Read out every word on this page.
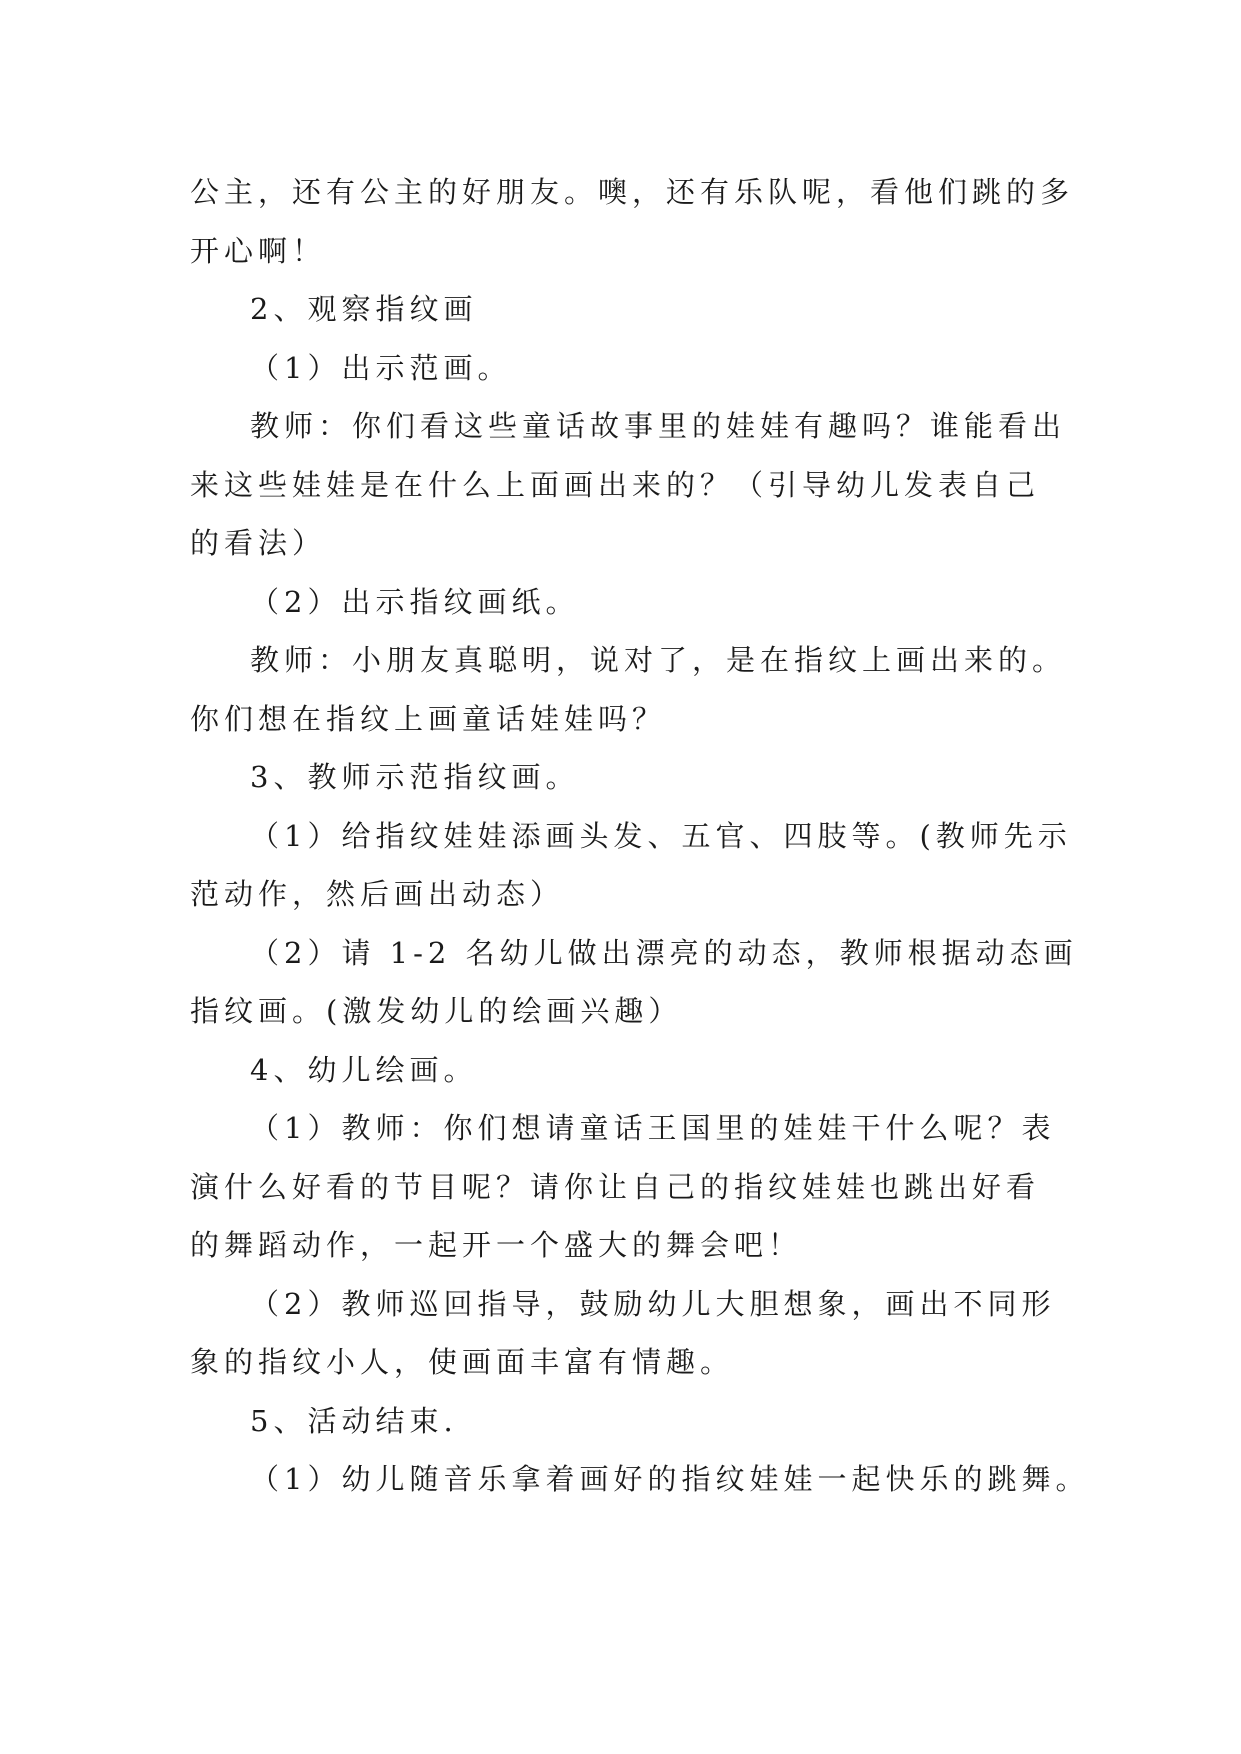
公主，还有公主的好朋友。噢，还有乐队呢，看他们跳的多
开心啊！
2、观察指纹画
（1）出示范画。
教师：你们看这些童话故事里的娃娃有趣吗？谁能看出
来这些娃娃是在什么上面画出来的？（引导幼儿发表自己
的看法）
（2）出示指纹画纸。
教师：小朋友真聪明，说对了，是在指纹上画出来的。
你们想在指纹上画童话娃娃吗？
3、教师示范指纹画。
（1）给指纹娃娃添画头发、五官、四肢等。(教师先示
范动作，然后画出动态）
（2）请 1-2 名幼儿做出漂亮的动态，教师根据动态画
指纹画。(激发幼儿的绘画兴趣）
4、幼儿绘画。
（1）教师：你们想请童话王国里的娃娃干什么呢？表
演什么好看的节目呢？请你让自己的指纹娃娃也跳出好看
的舞蹈动作，一起开一个盛大的舞会吧！
（2）教师巡回指导，鼓励幼儿大胆想象，画出不同形
象的指纹小人，使画面丰富有情趣。
5、活动结束.
（1）幼儿随音乐拿着画好的指纹娃娃一起快乐的跳舞。
